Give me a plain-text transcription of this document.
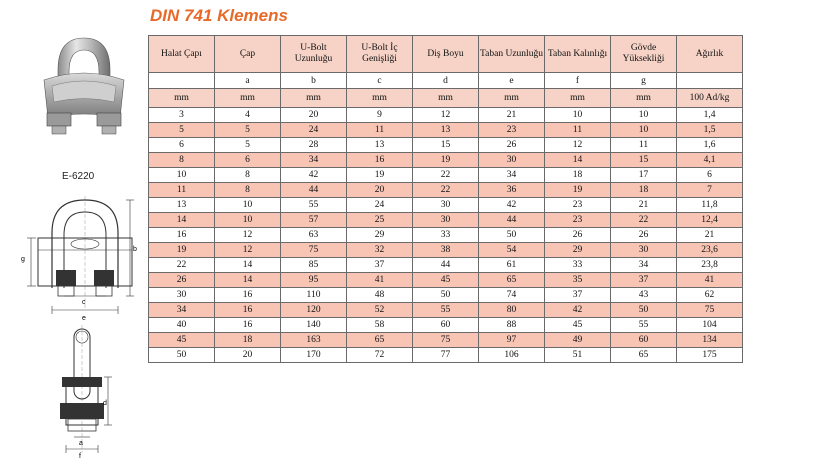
DIN 741 Klemens
E-6220
g
b
c
e
d
a
f
Halat Çapı	Çap	U-Bolt Uzunluğu	U-Bolt İç Genişliği	Diş Boyu	Taban Uzunluğu	Taban Kalınlığı	Gövde Yüksekliği	Ağırlık
	a	b	c	d	e	f	g	
mm	mm	mm	mm	mm	mm	mm	mm	100 Ad/kg
3	4	20	9	12	21	10	10	1,4
5	5	24	11	13	23	11	10	1,5
6	5	28	13	15	26	12	11	1,6
8	6	34	16	19	30	14	15	4,1
10	8	42	19	22	34	18	17	6
11	8	44	20	22	36	19	18	7
13	10	55	24	30	42	23	21	11,8
14	10	57	25	30	44	23	22	12,4
16	12	63	29	33	50	26	26	21
19	12	75	32	38	54	29	30	23,6
22	14	85	37	44	61	33	34	23,8
26	14	95	41	45	65	35	37	41
30	16	110	48	50	74	37	43	62
34	16	120	52	55	80	42	50	75
40	16	140	58	60	88	45	55	104
45	18	163	65	75	97	49	60	134
50	20	170	72	77	106	51	65	175
